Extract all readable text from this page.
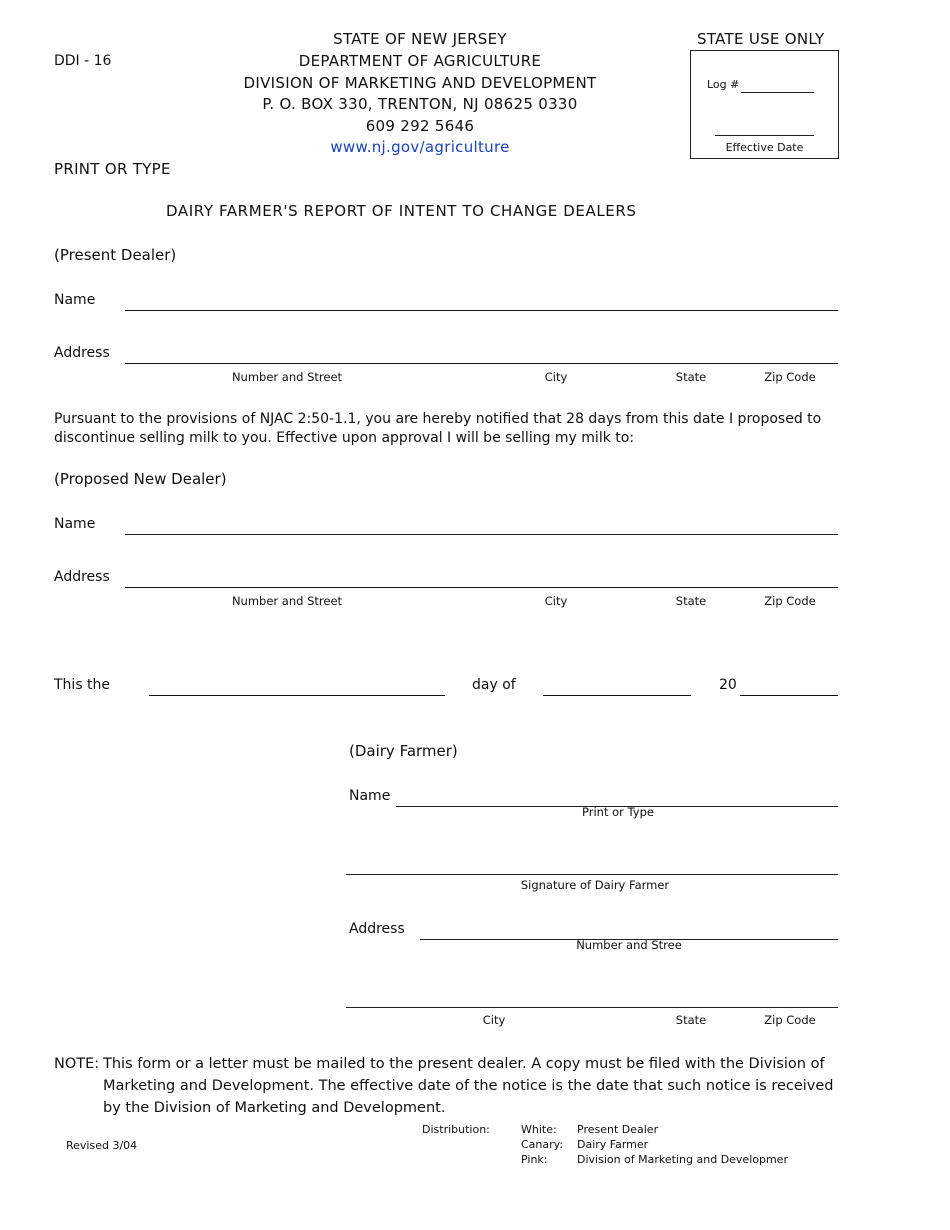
DDI - 16
STATE OF NEW JERSEY
DEPARTMENT OF AGRICULTURE
DIVISION OF MARKETING AND DEVELOPMENT
P. O. BOX 330, TRENTON, NJ 08625 0330
609 292 5646
www.nj.gov/agriculture
STATE USE ONLY
Log #
Effective Date
PRINT OR TYPE
DAIRY FARMER'S REPORT OF INTENT TO CHANGE DEALERS
(Present Dealer)
Name
Address
Number and Street	City	State	Zip Code
Pursuant to the provisions of NJAC 2:50-1.1, you are hereby notified that 28 days from this date I proposed to discontinue selling milk to you. Effective upon approval I will be selling my milk to:
(Proposed New Dealer)
Name
Address
Number and Street	City	State	Zip Code
This the	day of	20
(Dairy Farmer)
Name
Print or Type
Signature of Dairy Farmer
Address
Number and Stree
City	State	Zip Code
NOTE: This form or a letter must be mailed to the present dealer. A copy must be filed with the Division of Marketing and Development. The effective date of the notice is the date that such notice is received by the Division of Marketing and Development.
Revised 3/04
Distribution:	White: Present Dealer
Canary: Dairy Farmer
Pink:	Division of Marketing and Developmer
